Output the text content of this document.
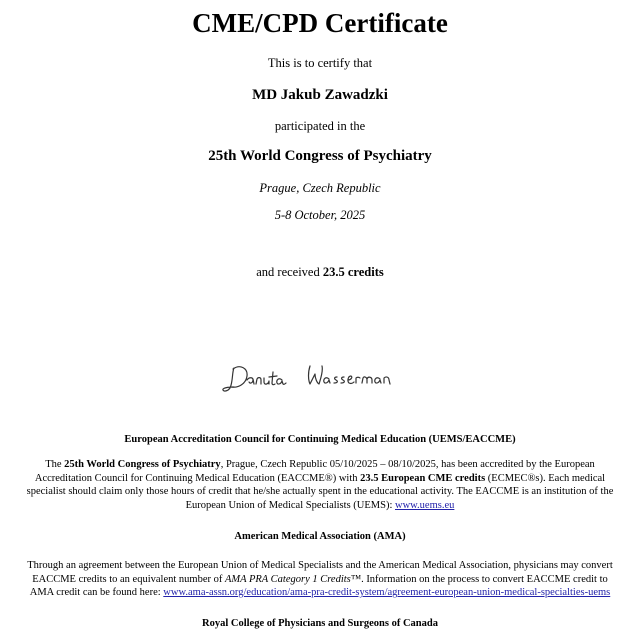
CME/CPD Certificate
This is to certify that
MD Jakub Zawadzki
participated in the
25th World Congress of Psychiatry
Prague, Czech Republic
5-8 October, 2025
and received 23.5 credits
European Accreditation Council for Continuing Medical Education (UEMS/EACCME)
The 25th World Congress of Psychiatry, Prague, Czech Republic 05/10/2025 – 08/10/2025, has been accredited by the European
Accreditation Council for Continuing Medical Education (EACCME®) with 23.5 European CME credits (ECMEC®s). Each medical
specialist should claim only those hours of credit that he/she actually spent in the educational activity. The EACCME is an institution of the
European Union of Medical Specialists (UEMS): www.uems.eu
American Medical Association (AMA)
Through an agreement between the European Union of Medical Specialists and the American Medical Association, physicians may convert
EACCME credits to an equivalent number of AMA PRA Category 1 Credits™. Information on the process to convert EACCME credit to
AMA credit can be found here: www.ama-assn.org/education/ama-pra-credit-system/agreement-european-union-medical-specialties-uems
Royal College of Physicians and Surgeons of Canada
